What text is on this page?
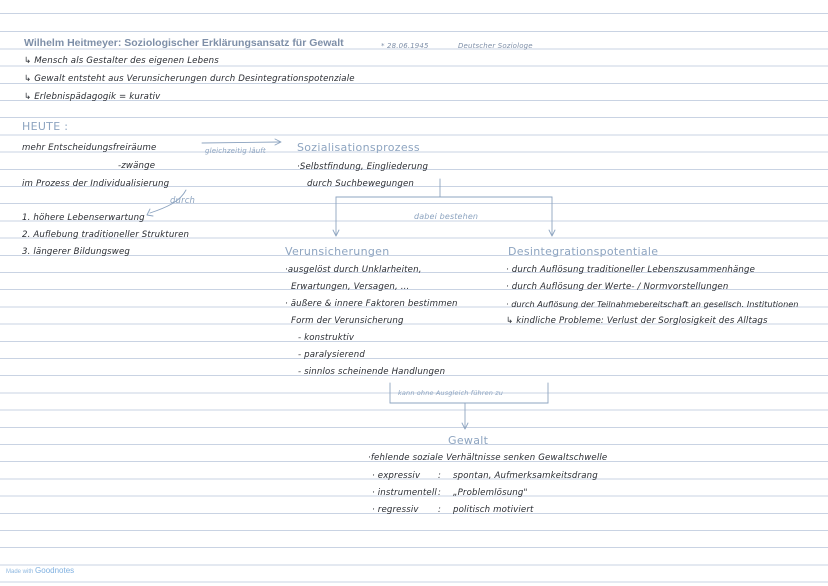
Wilhelm Heitmeyer: Soziologischer Erklärungsansatz für Gewalt	* 28.06.1945	Deutscher Soziologe
↳ Mensch als Gestalter des eigenen Lebens
↳ Gewalt entsteht aus Verunsicherungen durch Desintegrationspotenziale
↳ Erlebnispädagogik = kurativ
HEUTE :
mehr Entscheidungsfreiräume
-zwänge
im Prozess der Individualisierung
gleichzeitig läuft
durch
1. höhere Lebenserwartung
2. Auflebung traditioneller Strukturen
3. längerer Bildungsweg
Sozialisationsprozess
·Selbstfindung, Eingliederung
durch Suchbewegungen
dabei bestehen
Verunsicherungen
·ausgelöst durch Unklarheiten,
Erwartungen, Versagen, ...
· äußere & innere Faktoren bestimmen
Form der Verunsicherung
- konstruktiv
- paralysierend
- sinnlos scheinende Handlungen
Desintegrationspotentiale
· durch Auflösung traditioneller Lebenszusammenhänge
· durch Auflösung der Werte- / Normvorstellungen
· durch Auflösung der Teilnahmebereitschaft an gesellsch. Institutionen
↳ kindliche Probleme: Verlust der Sorglosigkeit des Alltags
kann ohne Ausgleich führen zu
Gewalt
·fehlende soziale Verhältnisse senken Gewaltschwelle
· expressiv : spontan, Aufmerksamkeitsdrang
· instrumentell : „Problemlösung"
· regressiv : politisch motiviert
Made with Goodnotes
